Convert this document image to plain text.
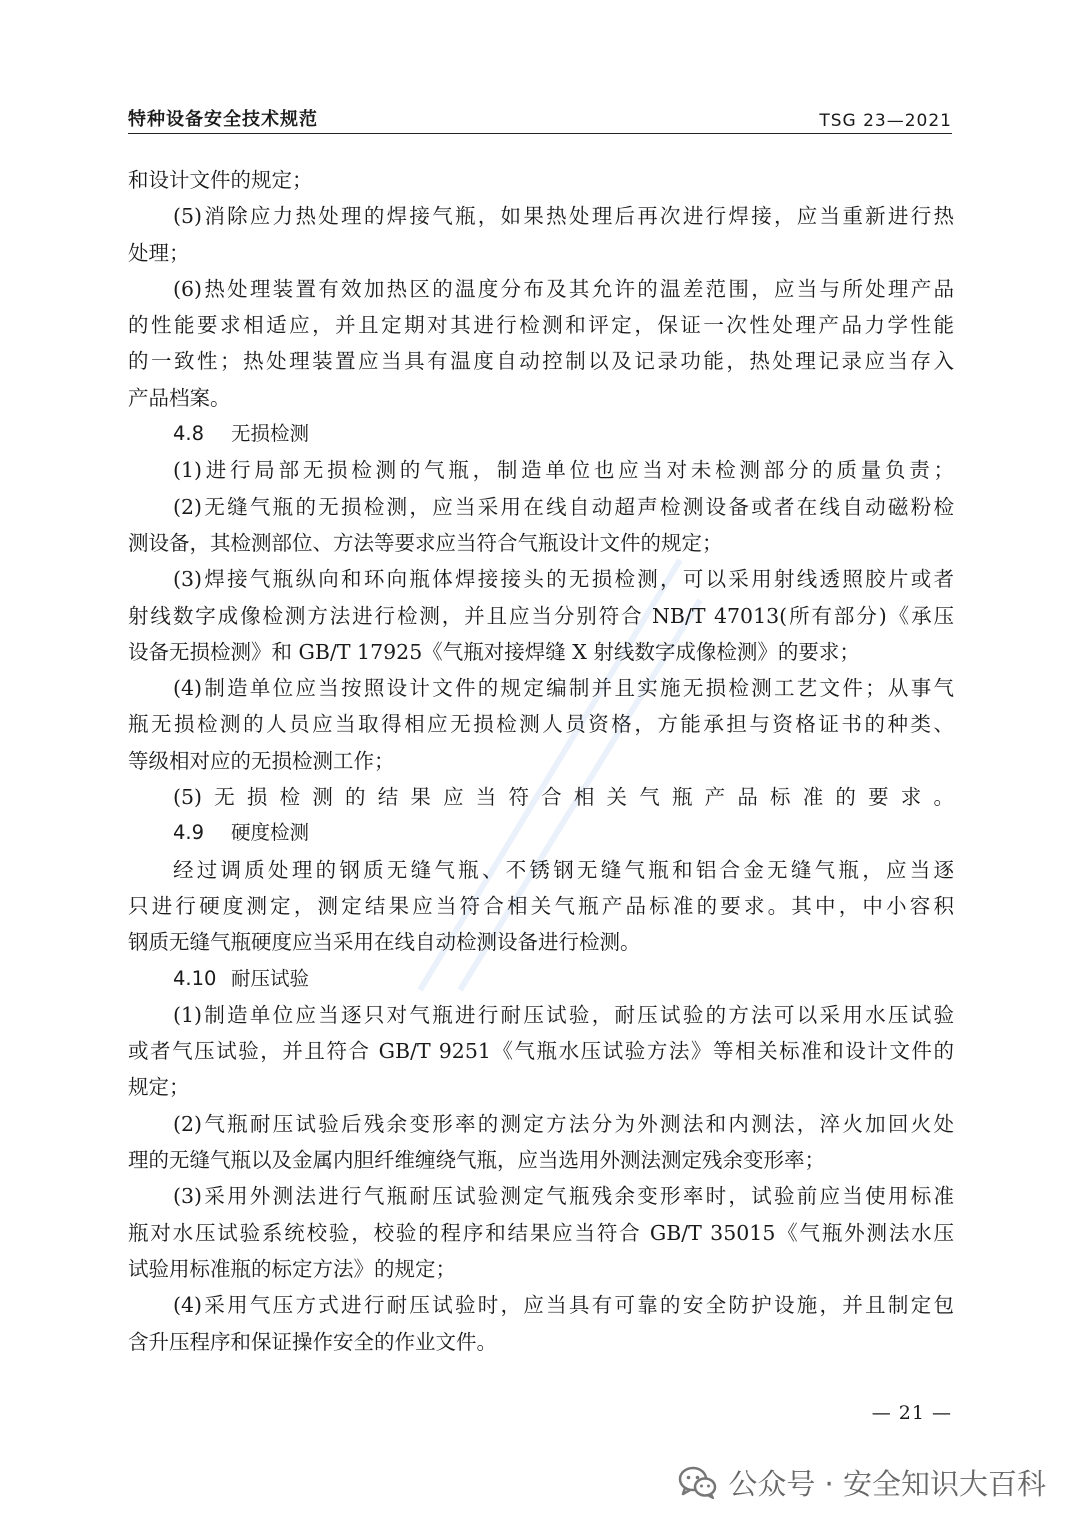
特种设备安全技术规范	TSG 23—2021
和设计文件的规定；
(5)消除应力热处理的焊接气瓶，如果热处理后再次进行焊接，应当重新进行热
处理；
(6)热处理装置有效加热区的温度分布及其允许的温差范围，应当与所处理产品
的性能要求相适应，并且定期对其进行检测和评定，保证一次性处理产品力学性能
的一致性；热处理装置应当具有温度自动控制以及记录功能，热处理记录应当存入
产品档案。
4.8 无损检测
(1)进行局部无损检测的气瓶，制造单位也应当对未检测部分的质量负责；
(2)无缝气瓶的无损检测，应当采用在线自动超声检测设备或者在线自动磁粉检
测设备，其检测部位、方法等要求应当符合气瓶设计文件的规定；
(3)焊接气瓶纵向和环向瓶体焊接接头的无损检测，可以采用射线透照胶片或者
射线数字成像检测方法进行检测，并且应当分别符合 NB/T 47013(所有部分)《承压
设备无损检测》和 GB/T 17925《气瓶对接焊缝 X 射线数字成像检测》的要求；
(4)制造单位应当按照设计文件的规定编制并且实施无损检测工艺文件；从事气
瓶无损检测的人员应当取得相应无损检测人员资格，方能承担与资格证书的种类、
等级相对应的无损检测工作；
(5)无损检测的结果应当符合相关气瓶产品标准的要求。
4.9 硬度检测
经过调质处理的钢质无缝气瓶、不锈钢无缝气瓶和铝合金无缝气瓶，应当逐
只进行硬度测定，测定结果应当符合相关气瓶产品标准的要求。其中，中小容积
钢质无缝气瓶硬度应当采用在线自动检测设备进行检测。
4.10 耐压试验
(1)制造单位应当逐只对气瓶进行耐压试验，耐压试验的方法可以采用水压试验
或者气压试验，并且符合 GB/T 9251《气瓶水压试验方法》等相关标准和设计文件的
规定；
(2)气瓶耐压试验后残余变形率的测定方法分为外测法和内测法，淬火加回火处
理的无缝气瓶以及金属内胆纤维缠绕气瓶，应当选用外测法测定残余变形率；
(3)采用外测法进行气瓶耐压试验测定气瓶残余变形率时，试验前应当使用标准
瓶对水压试验系统校验，校验的程序和结果应当符合 GB/T 35015《气瓶外测法水压
试验用标准瓶的标定方法》的规定；
(4)采用气压方式进行耐压试验时，应当具有可靠的安全防护设施，并且制定包
含升压程序和保证操作安全的作业文件。
— 21 —
公众号 · 安全知识大百科
